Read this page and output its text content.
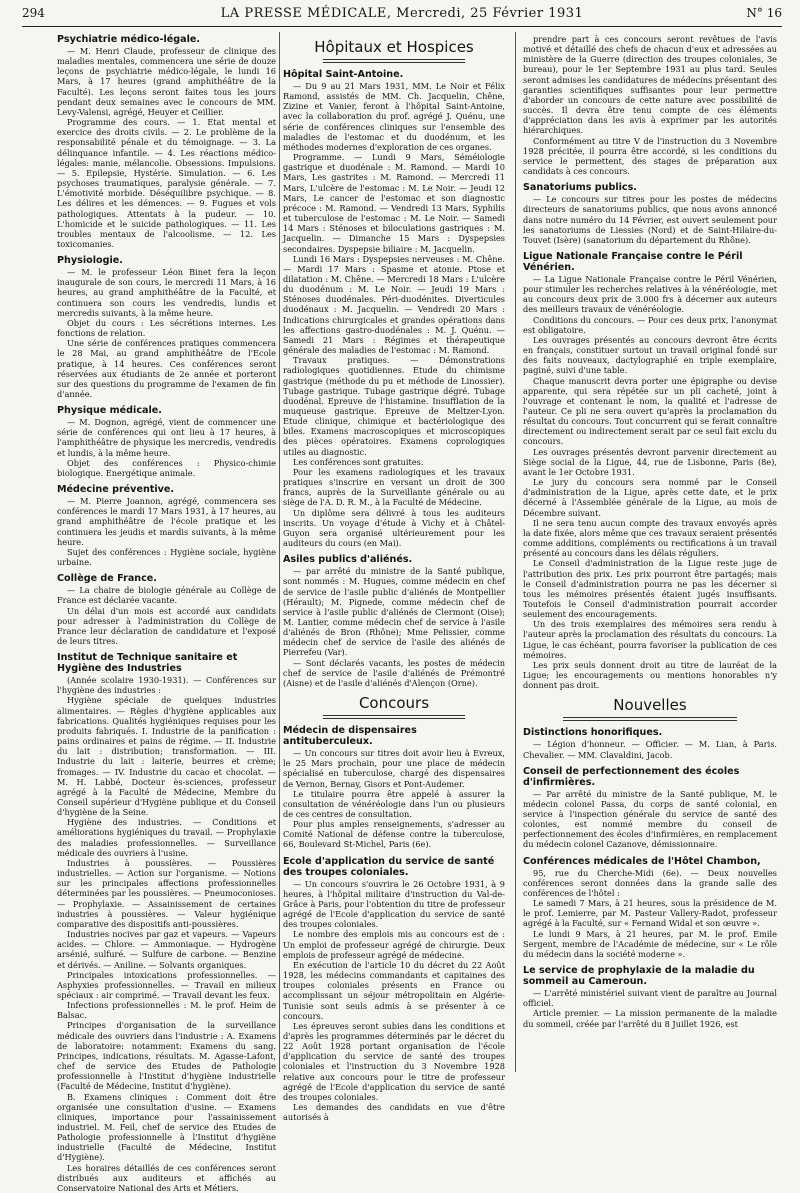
294	LA PRESSE MÉDICALE, Mercredi, 25 Février 1931	N° 16
Psychiatrie médico-légale.

— M. Henri Claude, professeur de clinique des maladies mentales, commencera une série de douze leçons de psychiatrie médico-légale, le lundi 16 Mars, à 17 heures (grand amphithéâtre de la Faculté). Les leçons seront faites tous les jours pendant deux semaines avec le concours de MM. Levy-Valensi, agrégé, Heuyer et Ceillier.

Programme des cours. — 1. Etat mental et exercice des droits civils. — 2. Le problème de la responsabilité pénale et du témoignage. — 3. La délinquance infantile. — 4. Les réactions médico-légales: manie, mélancolie. Obsessions. Impulsions. — 5. Epilepsie, Hystérie. Simulation. — 6. Les psychoses traumatiques, paralysie générale. — 7. L'émotivité morbide. Déséquilibre psychique. — 8. Les délires et les démences. — 9. Fugues et vols pathologiques. Attentats à la pudeur. — 10. L'homicide et le suicide pathologiques. — 11. Les troubles mentaux de l'alcoolisme. — 12. Les toxicomanies.

Physiologie.

— M. le professeur Léon Binet fera la leçon inaugurale de son cours, le mercredi 11 Mars, à 16 heures, au grand amphithéâtre de la Faculté, et continuera son cours les vendredis, lundis et mercredis suivants, à la même heure.

Objet du cours : Les sécrétions internes. Les fonctions de relation.

Une série de conférences pratiques commencera le 28 Mai, au grand amphithéâtre de l'Ecole pratique, à 14 heures. Ces conférences seront réservées aux étudiants de 2e année et porteront sur des questions du programme de l'examen de fin d'année.

Physique médicale.

— M. Dognon, agrégé, vient de commencer une série de conférences qui ont lieu à 17 heures, à l'amphithéâtre de physique les mercredis, vendredis et lundis, à la même heure.

Objet des conférences : Physico-chimie biologique. Energétique animale.

Médecine préventive.

— M. Pierre Joannon, agrégé, commencera ses conférences le mardi 17 Mars 1931, à 17 heures, au grand amphithéâtre de l'école pratique et les continuera les jeudis et mardis suivants, à la même heure.

Sujet des conférences : Hygiène sociale, hygiène urbaine.

Collège de France.

— La chaire de biologie générale au Collège de France est déclarée vacante.

Un délai d'un mois est accordé aux candidats pour adresser à l'administration du Collège de France leur déclaration de candidature et l'exposé de leurs titres.

Institut de Technique sanitaire et Hygiène des Industries

(Année scolaire 1930-1931). — Conférences sur l'hygiène des industries :

Hygiène spéciale de quelques industries alimentaires. — Règles d'hygiène applicables aux fabrications. Qualités hygiéniques requises pour les produits fabriqués. I. Industrie de la panification : pains ordinaires et pains de régime. — II. Industrie du lait : distribution; transformation. — III. Industrie du lait : laiterie, beurres et crème; fromages. — IV. Industrie du cacao et chocolat. — M. H. Labbé, Docteur ès-sciences, professeur agrégé à la Faculté de Médecine, Membre du Conseil supérieur d'Hygiène publique et du Conseil d'hygiène de la Seine.

Hygiène des industries. — Conditions et améliorations hygiéniques du travail. — Prophylaxie des maladies professionnelles. — Surveillance médicale des ouvriers à l'usine.

Industries à poussières. — Poussières industrielles. — Action sur l'organisme. — Notions sur les principales affections professionnelles déterminées par les poussières. — Pneumoconioses. — Prophylaxie. — Assainissement de certaines industries à poussières. — Valeur hygiénique comparative des dispositifs anti-poussières.

Industries nocives par gaz et vapeurs. — Vapeurs acides. — Chlore. — Ammoniaque. — Hydrogène arsénié, sulfuré. — Sulfure de carbone. — Benzine et dérivés. — Aniline. — Solvants organiques.

Principales intoxications professionnelles. — Asphyxies professionnelles. — Travail en milieux spéciaux : air comprimé. — Travail devant les feux.

Infections professionnelles : M. le prof. Heim de Balsac.

Principes d'organisation de la surveillance médicale des ouvriers dans l'industrie : A. Examens de laboratoire: notamment: Examens du sang. Principes, indications, résultats. M. Agasse-Lafont, chef de service des Etudes de Pathologie professionnelle à l'Institut d'hygiène industrielle (Faculté de Médecine, Institut d'hygiène).

B. Examens cliniques : Comment doit être organisée une consultation d'usine. — Examens cliniques, importance pour l'assainissement industriel. M. Feil, chef de service des Etudes de Pathologie professionnelle à l'Institut d'hygiène industrielle (Faculté de Médecine, Institut d'Hygiène).

Les horaires détaillés de ces conférences seront distribués aux auditeurs et affichés au Conservatoire National des Arts et Métiers.

Hôpitaux et Hospices
Hôpital Saint-Antoine.

— Du 9 au 21 Mars 1931, MM. Le Noir et Félix Ramond, assistés de MM. Ch. Jacquelin, Chêne, Zizine et Vanier, feront à l'hôpital Saint-Antoine, avec la collaboration du prof. agrégé J. Quénu, une série de conférences cliniques sur l'ensemble des maladies de l'estomac et du duodénum, et les méthodes modernes d'exploration de ces organes.

Programme. — Lundi 9 Mars, Séméiologie gastrique et duodénale : M. Ramond. — Mardi 10 Mars, Les gastrites : M. Ramond. — Mercredi 11 Mars, L'ulcère de l'estomac : M. Le Noir. — Jeudi 12 Mars, Le cancer de l'estomac et son diagnostic précoce : M. Ramond. — Vendredi 13 Mars, Syphilis et tuberculose de l'estomac : M. Le Noir. — Samedi 14 Mars : Sténoses et biloculations gastriques : M. Jacquelin. — Dimanche 15 Mars : Dyspepsies secondaires. Dyspepsie biliaire : M. Jacquelin.

Lundi 16 Mars : Dyspepsies nerveuses : M. Chêne. — Mardi 17 Mars : Spasme et atonie. Ptose et dilatation : M. Chêne. — Mercredi 18 Mars : L'ulcère du duodénum : M. Le Noir. — Jeudi 19 Mars : Sténoses duodénales. Péri-duodénites. Diverticules duodénaux : M. Jacquelin. — Vendredi 20 Mars : Indications chirurgicales et grandes opérations dans les affections gastro-duodénales : M. J. Quénu. — Samedi 21 Mars : Régimes et thérapeutique générale des maladies de l'estomac : M. Ramond.

Travaux pratiques. — Démonstrations radiologiques quotidiennes. Etude du chimisme gastrique (méthode du pu et méthode de Linossier). Tubage gastrique. Tubage gastrique dégré. Tubage duodénal. Epreuve de l'histamine. Insufflation de la muqueuse gastrique. Epreuve de Meltzer-Lyon. Etude clinique, chimique et bactériologique des biles. Examens macroscopiques et microscopiques des pièces opératoires. Examens coprologiques utiles au diagnostic.

Les conférences sont gratuites.

Pour les examens radiologiques et les travaux pratiques s'inscrire en versant un droit de 300 francs, auprès de la Surveillante générale ou au siège de l'A. D. R. M., à la Faculté de Médecine.

Un diplôme sera délivré à tous les auditeurs inscrits. Un voyage d'étude à Vichy et à Châtel-Guyon sera organisé ultérieurement pour les auditeurs du cours (en Mai).

Asiles publics d'aliénés.

— par arrêté du ministre de la Santé publique, sont nommés : M. Hugues, comme médecin en chef de service de l'asile public d'aliénés de Montpellier (Hérault); M. Pignede, comme médecin chef de service à l'asile public d'aliénés de Clermont (Oise); M. Lantier, comme médecin chef de service à l'asile d'aliénés de Bron (Rhône); Mme Pelissier, comme médecin chef de service de l'asile des aliénés de Pierrefeu (Var).

— Sont déclarés vacants, les postes de médecin chef de service de l'asile d'aliénés de Prémontré (Aisne) et de l'asile d'aliénés d'Alençon (Orne).

Concours
Médecin de dispensaires antituberculeux.

— Un concours sur titres doit avoir lieu à Evreux, le 25 Mars prochain, pour une place de médecin spécialisé en tuberculose, chargé des dispensaires de Vernon, Bernay, Gisors et Pont-Audemer.

Le titulaire pourra être appelé à assurer la consultation de vénéréologie dans l'un ou plusieurs de ces centres de consultation.

Pour plus amples renseignements, s'adresser au Comité National de défense contre la tuberculose, 66, Boulevard St-Michel, Paris (6e).

Ecole d'application du service de santé des troupes coloniales.

— Un concours s'ouvrira le 26 Octobre 1931, à 9 heures, à l'hôpital militaire d'instruction du Val-de-Grâce à Paris, pour l'obtention du titre de professeur agrégé de l'Ecole d'application du service de santé des troupes coloniales.

Le nombre des emplois mis au concours est de : Un emploi de professeur agrégé de chirurgie. Deux emplois de professeur agrégé de médecine.

En exécution de l'article 10 du décret du 22 Août 1928, les médecins commandants et capitaines des troupes coloniales présents en France ou accomplissant un séjour métropolitain en Algérie-Tunisie sont seuls admis à se présenter à ce concours.

Les épreuves seront subies dans les conditions et d'après les programmes déterminés par le décret du 22 Août 1928 portant organisation de l'école d'application du service de santé des troupes coloniales et l'instruction du 3 Novembre 1928 relative aux concours pour le titre de professeur agrégé de l'Ecole d'application du service de santé des troupes coloniales.

Les demandes des candidats en vue d'être autorisés à

prendre part à ces concours seront revêtues de l'avis motivé et détaillé des chefs de chacun d'eux et adressées au ministère de la Guerre (direction des troupes coloniales, 3e bureau), pour le 1er Septembre 1931 au plus tard. Seules seront admises les candidatures de médecins présentant des garanties scientifiques suffisantes pour leur permettre d'aborder un concours de cette nature avec possibilité de succès. Il devra être tenu compte de ces éléments d'appréciation dans les avis à exprimer par les autorités hiérarchiques.

Conformément au titre V de l'instruction du 3 Novembre 1928 précitée, il pourra être accordé, si les conditions du service le permettent, des stages de préparation aux candidats à ces concours.

Sanatoriums publics.

— Le concours sur titres pour les postes de médecins directeurs de sanatoriums publics, que nous avons annoncé dans notre numéro du 14 Février, est ouvert seulement pour les sanatoriums de Liessies (Nord) et de Saint-Hilaire-du-Touvet (Isère) (sanatorium du département du Rhône).

Ligue Nationale Française contre le Péril Vénérien.

— La Ligue Nationale Française contre le Péril Vénérien, pour stimuler les recherches relatives à la vénéréologie, met au concours deux prix de 3.000 frs à décerner aux auteurs des meilleurs travaux de vénéréologie.

Conditions du concours. — Pour ces deux prix, l'anonymat est obligatoire.

Les ouvrages présentés au concours devront être écrits en français, constituer surtout un travail original fondé sur des faits nouveaux, dactylographié en triple exemplaire, paginé, suivi d'une table.

Chaque manuscrit devra porter une épigraphe ou devise apparente, qui sera répétée sur un pli cacheté, joint à l'ouvrage et contenant le nom, la qualité et l'adresse de l'auteur. Ce pli ne sera ouvert qu'après la proclamation du résultat du concours. Tout concurrent qui se ferait connaître directement ou indirectement serait par ce seul fait exclu du concours.

Les ouvrages présentés devront parvenir directement au Siège social de la Ligue, 44, rue de Lisbonne, Paris (8e), avant le 1er Octobre 1931.

Le jury du concours sera nommé par le Conseil d'administration de la Ligue, après cette date, et le prix décerné à l'Assemblée générale de la Ligue, au mois de Décembre suivant.

Il ne sera tenu aucun compte des travaux envoyés après la date fixée, alors même que ces travaux seraient présentés comme additions, compléments ou rectifications à un travail présenté au concours dans les délais réguliers.

Le Conseil d'administration de la Ligue reste juge de l'attribution des prix. Les prix pourront être partagés; mais le Conseil d'administration pourra ne pas les décerner si tous les mémoires présentés étaient jugés insuffisants. Toutefois le Conseil d'administration pourrait accorder seulement des encouragements.

Un des trois exemplaires des mémoires sera rendu à l'auteur après la proclamation des résultats du concours. La Ligue, le cas échéant, pourra favoriser la publication de ces mémoires.

Les prix seuls donnent droit au titre de lauréat de la Ligue; les encouragements ou mentions honorables n'y donnent pas droit.

Nouvelles
Distinctions honorifiques.

— Légion d'honneur. — Officier. — M. Lian, à Paris. Chevalier. — MM. Clavaldini, Jacob.

Conseil de perfectionnement des écoles d'infirmières.

— Par arrêté du ministre de la Santé publique, M. le médecin colonel Passa, du corps de santé colonial, en service à l'inspection générale du service de santé des colonies, est nommé membre du conseil de perfectionnement des écoles d'infirmières, en remplacement du médecin colonel Cazanove, démissionnaire.

Conférences médicales de l'Hôtel Chambon,

95, rue du Cherche-Midi (6e). — Deux nouvelles conférences seront données dans la grande salle des conférences de l'hôtel :

Le samedi 7 Mars, à 21 heures, sous la présidence de M. le prof. Lemierre, par M. Pasteur Vallery-Radot, professeur agrégé à la Faculté, sur « Fernand Widal et son œuvre ».

Le lundi 9 Mars, à 21 heures, par M. le prof. Emile Sergent, membre de l'Académie de médecine, sur « Le rôle du médecin dans la société moderne ».

Le service de prophylaxie de la maladie du sommeil au Cameroun.

— L'arrêté ministériel suivant vient de paraître au Journal officiel.

Article premier. — La mission permanente de la maladie du sommeil, créée par l'arrêté du 8 Juillet 1926, est
